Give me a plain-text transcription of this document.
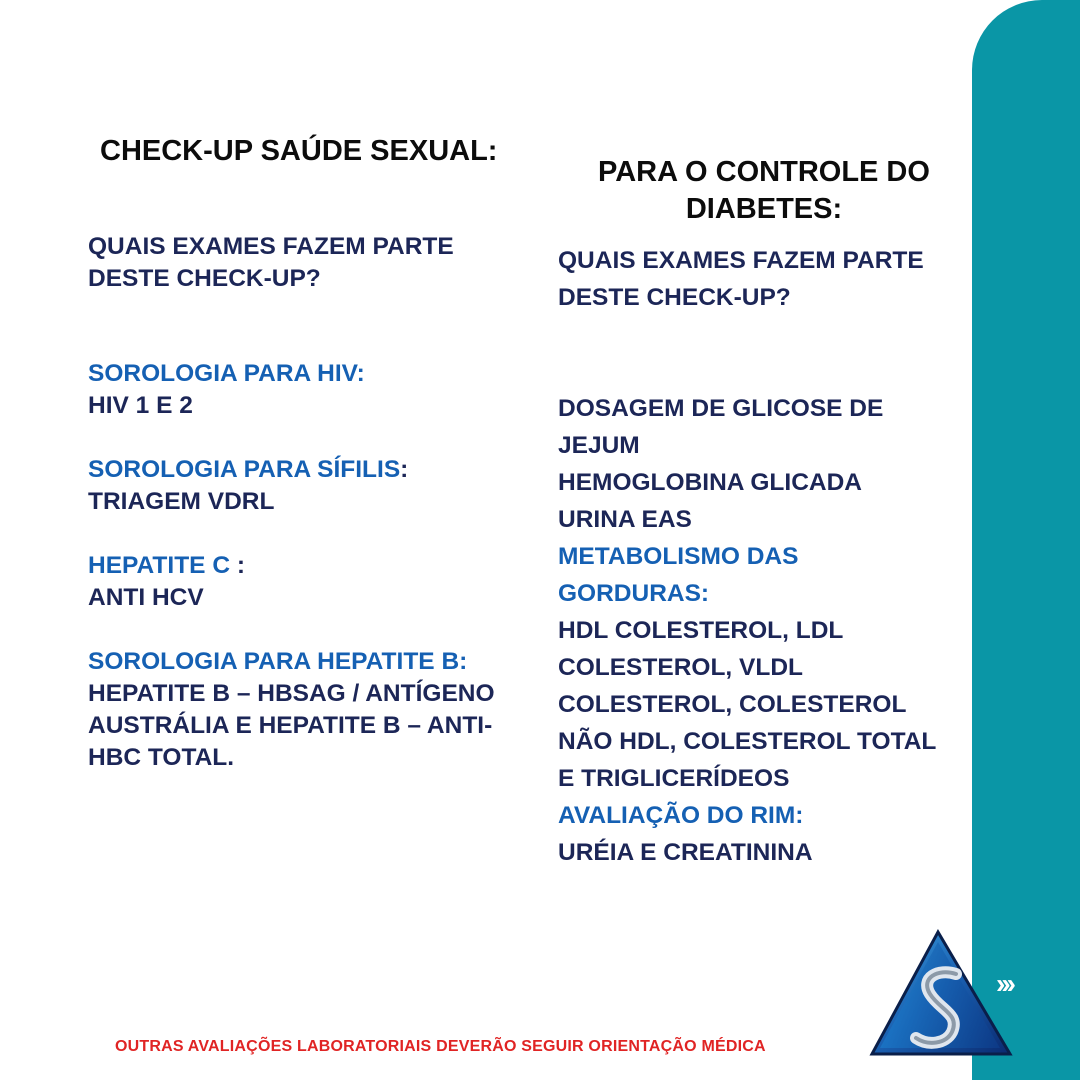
›››

CHECK-UP SAÚDE SEXUAL:

QUAIS EXAMES FAZEM PARTE

DESTE CHECK-UP?

SOROLOGIA PARA HIV:

HIV 1 E 2

SOROLOGIA PARA SÍFILIS:

TRIAGEM VDRL

HEPATITE C :

ANTI HCV

SOROLOGIA PARA HEPATITE B:

HEPATITE B – HBSAG / ANTÍGENO

AUSTRÁLIA E HEPATITE B – ANTI-

HBC TOTAL.

PARA O CONTROLE DO

DIABETES:

QUAIS EXAMES FAZEM PARTE

DESTE CHECK-UP?

DOSAGEM DE GLICOSE DE

JEJUM

HEMOGLOBINA GLICADA

URINA EAS

METABOLISMO DAS

GORDURAS:

HDL COLESTEROL, LDL

COLESTEROL, VLDL

COLESTEROL, COLESTEROL

NÃO HDL, COLESTEROL TOTAL

E TRIGLICERÍDEOS

AVALIAÇÃO DO RIM:

URÉIA E CREATININA

OUTRAS AVALIAÇÕES LABORATORIAIS DEVERÃO SEGUIR ORIENTAÇÃO MÉDICA
